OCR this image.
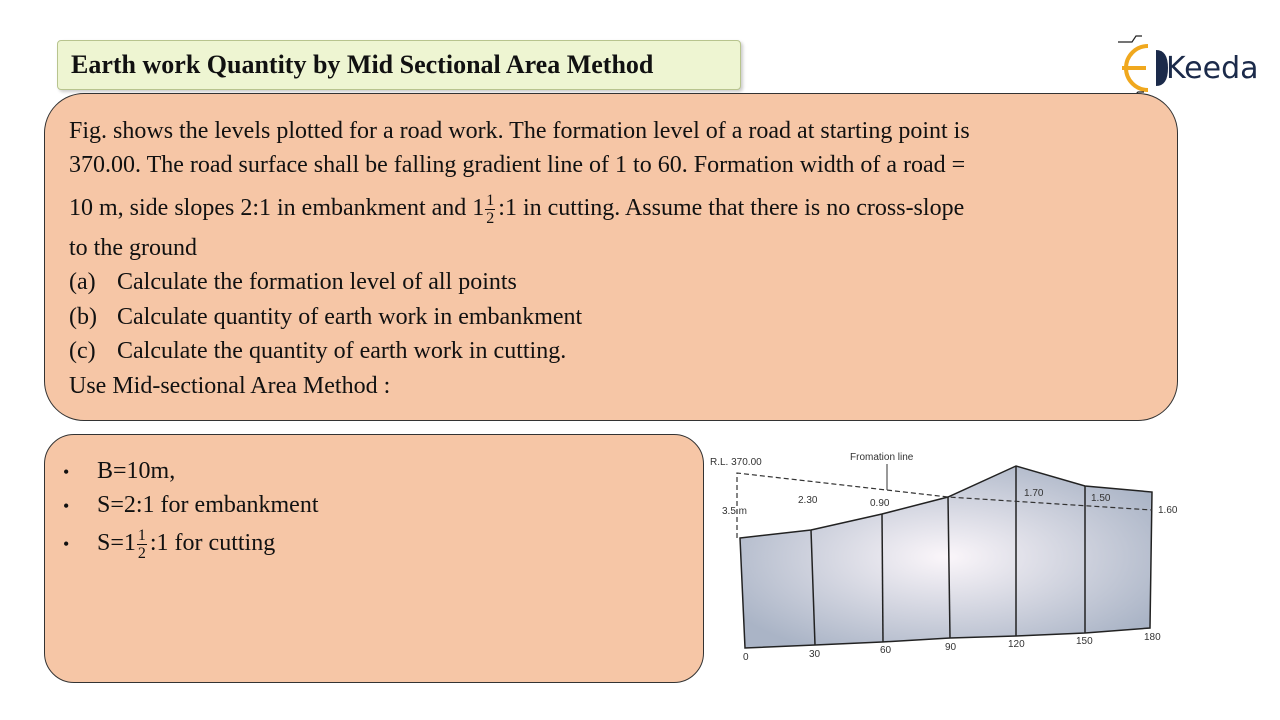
Earth work Quantity by Mid Sectional Area Method	Keeda
Fig. shows the levels plotted for a road work. The formation level of a road at starting point is
370.00. The road surface shall be falling gradient line of 1 to 60. Formation width of a road =
10 m, side slopes 2:1 in embankment and $1 \frac{1}{2}$ :1 in cutting. Assume that there is no cross-slope
to the ground
(a) Calculate the formation level of all points
(b) Calculate quantity of earth work in embankment
(c) Calculate the quantity of earth work in cutting.
Use Mid-sectional Area Method :
• B=10m,
• S=2:1 for embankment
• $S=1 \frac{1}{2}$ :1 for cutting
R.L. 370.00	Fromation line
3.5 m
2.30	0.90
1.70	1.50
1.60
0	30	60	90	120	150	180
